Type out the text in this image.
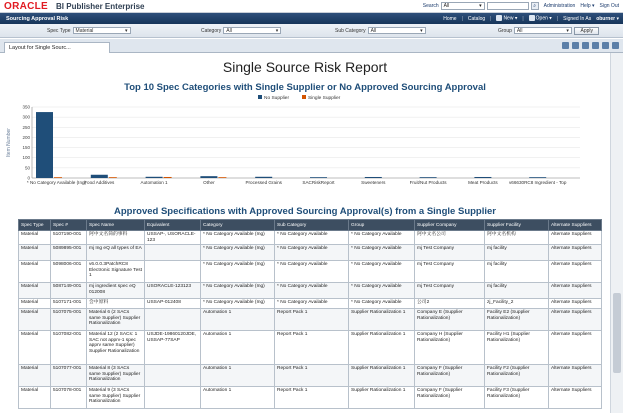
ORACLE BI Publisher Enterprise	Search All	▾	⌕ Administration Help ▾ Sign Out
Sourcing Approval Risk	Home | Catalog |	New ▾ |	Open ▾ | Signed In As oburner ▾
Spec Type Material	▾	Category All	▾	Sub Category All	▾	Group All	▾	Apply
Layout for Single Sourc...
Single Source Risk Report
Top 10 Spec Categories with Single Supplier or No Approved Sourcing Approval
0
50
100
150
200
250
300
350
Item Number
No Supplier	Single Supplier
* No Category Available (Ing)
Food Additives	Automation 1	Other	Processed Grains	SACRiskReport	Sweeteners	Fruit/Nut Products	Meat Products v66630RC8 Ingredient - Top
Approved Specifications with Approved Sourcing Approval(s) from a Single Supplier
Spec Type	Spec #	Spec Name	Equivalent	Category	Sub Category	Group	Supplier Company	Supplier Facility	Alternate Suppliers
Material	5107190-001	阿中文名简的事料	USSAP-, USORACLE-123	* No Category Available (Ing)	* No Category Available	* No Category Available	阿中文名公司	阿中文名机构	Alternate Suppliers
Material	5089895-001	mj Ing eQ all types of EA		* No Category Available (Ing)	* No Category Available	* No Category Available	mj Test Company	mj facility	Alternate Suppliers
Material	5098006-001	v6.0.0.3PatchRC8 Electronic Signature Test 1		* No Category Available (Ing)	* No Category Available	* No Category Available	mj Test Company	mj facility	Alternate Suppliers
Material	5087149-001	mj ingredient spec eQ 012008	USORACLE-123123	* No Category Available (Ing)	* No Category Available	* No Category Available	mj Test Company	mj facility	Alternate Suppliers
Material	5107171-001	会中原料	USSAP-012408	* No Category Available (Ing)	* No Category Available	* No Category Available	公司2	zj_Facility_2	Alternate Suppliers
Material	5107075-001	Material 6 (2 SACs same Supplier) Supplier Rationalization		Automation 1	Report Pack 1	Supplier Rationalization 1	Company E (Supplier Rationalization)	Facility E2 (Supplier Rationalization)	Alternate Suppliers
Material	5107082-001	Material 12 (2 SACs: 1 SAC not apprv-1 spec apprv same Supplier) Supplier Rationalization	USJDE-19860120JDE, USSAP-77SAP	Automation 1	Report Pack 1	Supplier Rationalization 1	Company H (Supplier Rationalization)	Facility H1 (Supplier Rationalization)	Alternate Suppliers
Material	5107077-001	Material 8 (3 SACs same Supplier) Supplier Rationalization		Automation 1	Report Pack 1	Supplier Rationalization 1	Company F (Supplier Rationalization)	Facility F2 (Supplier Rationalization)	Alternate Suppliers
Material	5107078-001	Material 9 (3 SACs same Supplier) Supplier Rationalization		Automation 1	Report Pack 1	Supplier Rationalization 1	Company F (Supplier Rationalization)	Facility F3 (Supplier Rationalization)	Alternate Suppliers
